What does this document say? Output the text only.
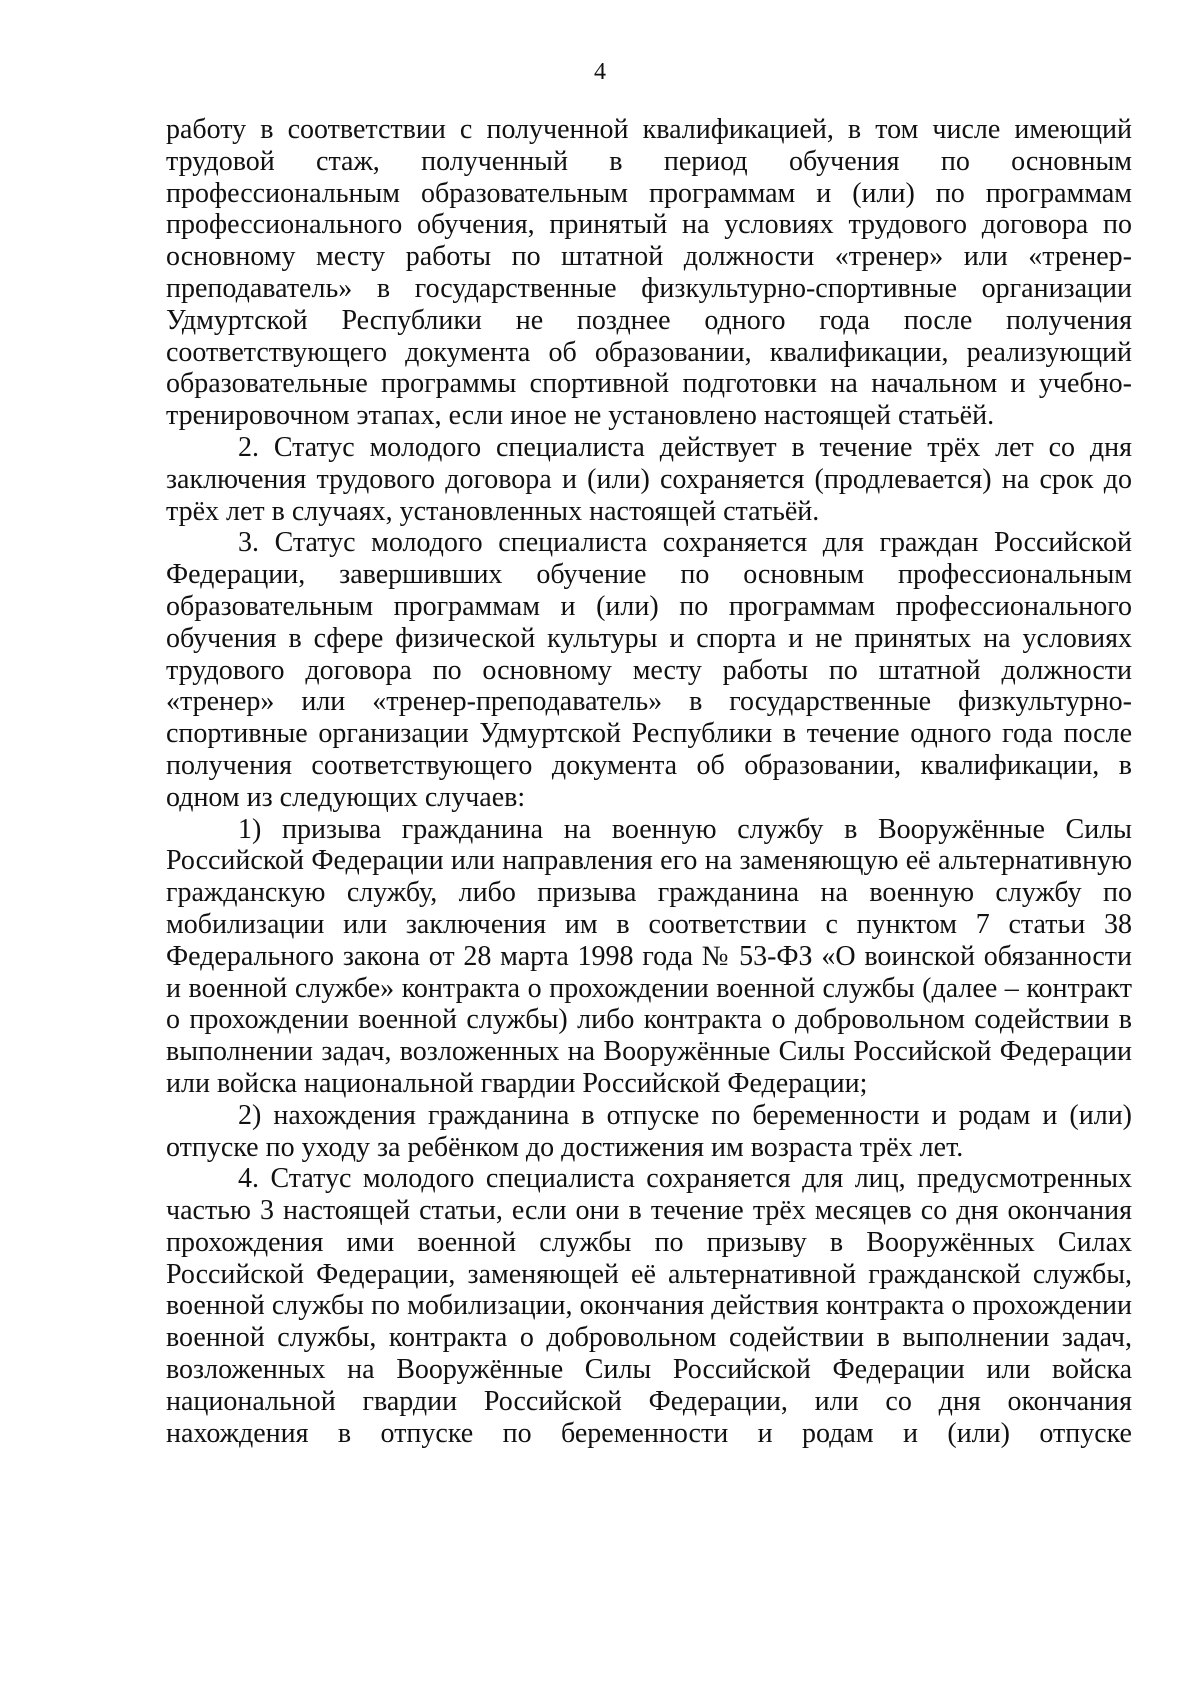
4

работу в соответствии с полученной квалификацией, в том числе имеющий трудовой стаж, полученный в период обучения по основным профессиональным образовательным программам и (или) по программам профессионального обучения, принятый на условиях трудового договора по основному месту работы по штатной должности «тренер» или «тренер-преподаватель» в государственные физкультурно-спортивные организации Удмуртской Республики не позднее одного года после получения соответствующего документа об образовании, квалификации, реализующий образовательные программы спортивной подготовки на начальном и учебно-тренировочном этапах, если иное не установлено настоящей статьёй.

2. Статус молодого специалиста действует в течение трёх лет со дня заключения трудового договора и (или) сохраняется (продлевается) на срок до трёх лет в случаях, установленных настоящей статьёй.

3. Статус молодого специалиста сохраняется для граждан Российской Федерации, завершивших обучение по основным профессиональным образовательным программам и (или) по программам профессионального обучения в сфере физической культуры и спорта и не принятых на условиях трудового договора по основному месту работы по штатной должности «тренер» или «тренер-преподаватель» в государственные физкультурно-спортивные организации Удмуртской Республики в течение одного года после получения соответствующего документа об образовании, квалификации, в одном из следующих случаев:

1) призыва гражданина на военную службу в Вооружённые Силы Российской Федерации или направления его на заменяющую её альтернативную гражданскую службу, либо призыва гражданина на военную службу по мобилизации или заключения им в соответствии с пунктом 7 статьи 38 Федерального закона от 28 марта 1998 года № 53-ФЗ «О воинской обязанности и военной службе» контракта о прохождении военной службы (далее – контракт о прохождении военной службы) либо контракта о добровольном содействии в выполнении задач, возложенных на Вооружённые Силы Российской Федерации или войска национальной гвардии Российской Федерации;

2) нахождения гражданина в отпуске по беременности и родам и (или) отпуске по уходу за ребёнком до достижения им возраста трёх лет.

4. Статус молодого специалиста сохраняется для лиц, предусмотренных частью 3 настоящей статьи, если они в течение трёх месяцев со дня окончания прохождения ими военной службы по призыву в Вооружённых Силах Российской Федерации, заменяющей её альтернативной гражданской службы, военной службы по мобилизации, окончания действия контракта о прохождении военной службы, контракта о добровольном содействии в выполнении задач, возложенных на Вооружённые Силы Российской Федерации или войска национальной гвардии Российской Федерации, или со дня окончания нахождения в отпуске по беременности и родам и (или) отпуске
